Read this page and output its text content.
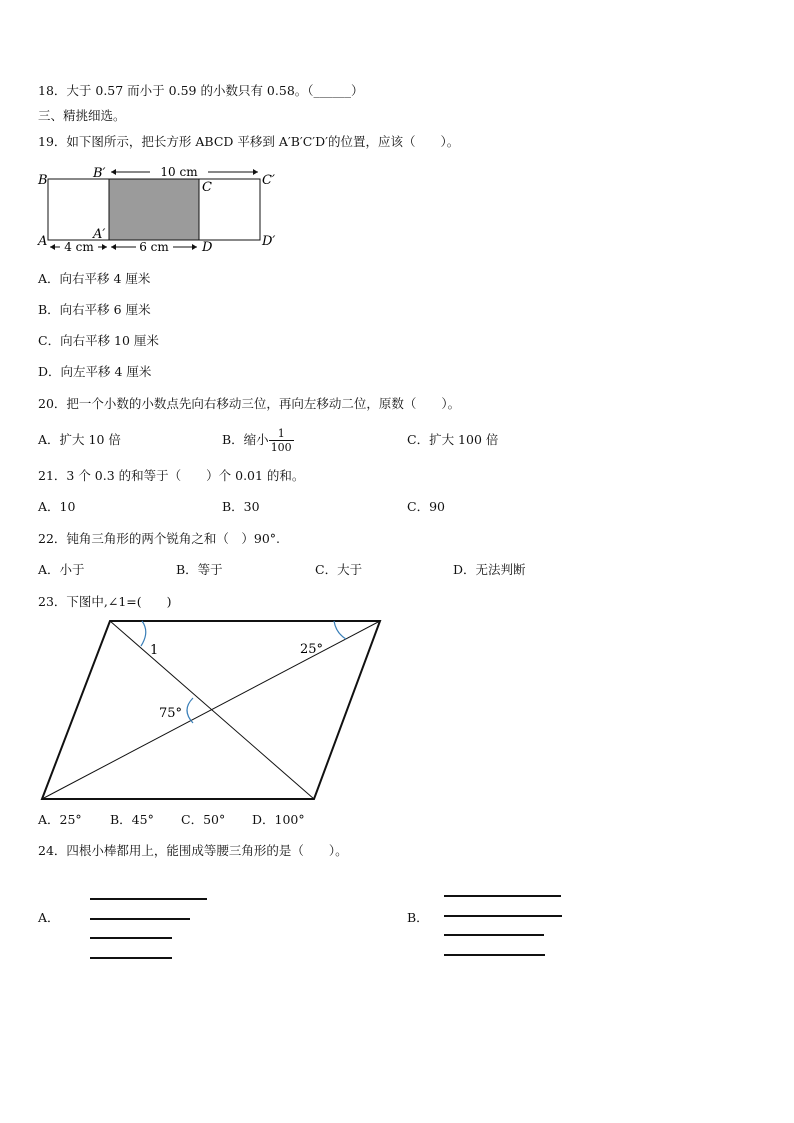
18．大于 0.57 而小于 0.59 的小数只有 0.58。（______）
三、精挑细选。
19．如下图所示，把长方形 ABCD 平移到 A′B′C′D′的位置，应该（　　）。
B	B′
C	C′
A	A′
D	D′
10 cm
4 cm	6 cm
A．向右平移 4 厘米
B．向右平移 6 厘米
C．向右平移 10 厘米
D．向左平移 4 厘米
20．把一个小数的小数点先向右移动三位，再向左移动二位，原数（　　）。
A．扩大 10 倍	B．缩小 $\frac{1}{100}$	C．扩大 100 倍
21．3 个 0.3 的和等于（　　）个 0.01 的和。
A．10	B．30	C．90
22．钝角三角形的两个锐角之和（　）90°.
A．小于	B．等于	C．大于	D．无法判断
23．下图中,∠1=(　　)
1	25°
75°
A．25° B．45° C．50° D．100°
24．四根小棒都用上，能围成等腰三角形的是（　　）。
A．	B．
